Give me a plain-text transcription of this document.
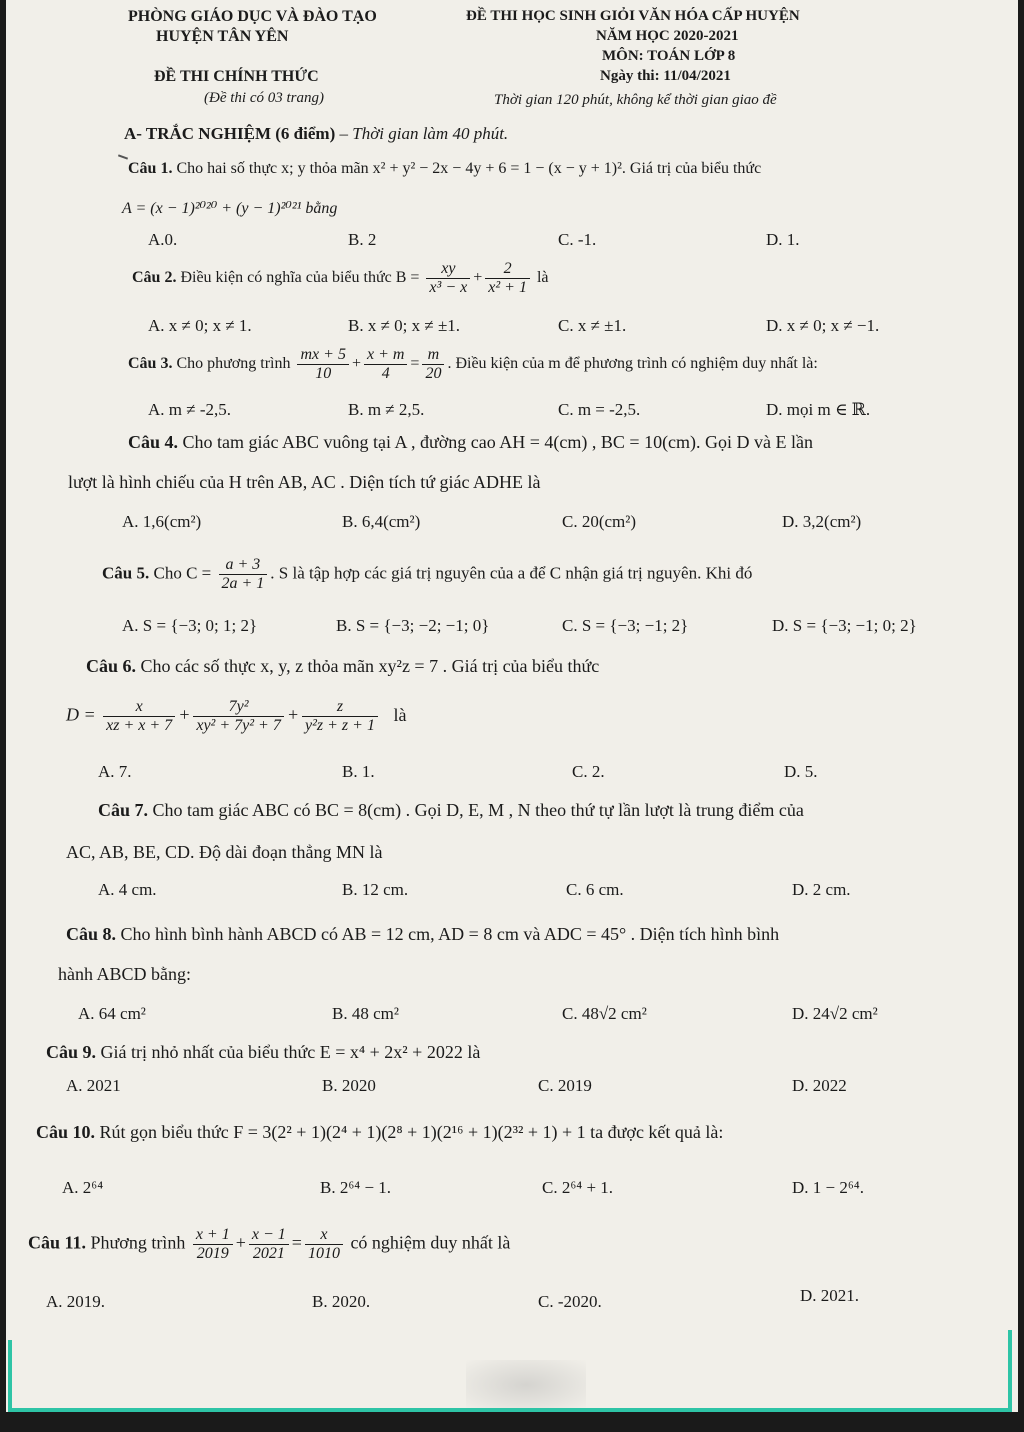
PHÒNG GIÁO DỤC VÀ ĐÀO TẠO
HUYỆN TÂN YÊN
ĐỀ THI CHÍNH THỨC
(Đề thi có 03 trang)
ĐỀ THI HỌC SINH GIỎI VĂN HÓA CẤP HUYỆN
NĂM HỌC 2020-2021
MÔN: TOÁN LỚP 8
Ngày thi: 11/04/2021
Thời gian 120 phút, không kể thời gian giao đề
A- TRẮC NGHIỆM (6 điểm) – Thời gian làm 40 phút.
Câu 1. Cho hai số thực x; y thỏa mãn x² + y² − 2x − 4y + 6 = 1 − (x − y + 1)². Giá trị của biểu thức
A = (x − 1)²⁰²⁰ + (y − 1)²⁰²¹ bằng
A.0.	B. 2	C. -1.	D. 1.
Câu 2. Điều kiện có nghĩa của biểu thức $B = \frac{xy}{\text{x³ − x}} + \frac{2}{\text{x² + 1}}$ là
A. x ≠ 0; x ≠ 1.	B. x ≠ 0; x ≠ ±1.	C. x ≠ ±1.	D. x ≠ 0; x ≠ −1.
Câu 3. Cho phương trình $\frac{mx + 5}{10} + \frac{x + m}{4} = \frac{m}{20}$ . Điều kiện của m để phương trình có nghiệm duy nhất là:
A. m ≠ -2,5.	B. m ≠ 2,5.	C. m = -2,5.	D. mọi m ∈ ℝ.
Câu 4. Cho tam giác ABC vuông tại A , đường cao AH = 4(cm) , BC = 10(cm). Gọi D và E lần
lượt là hình chiếu của H trên AB, AC . Diện tích tứ giác ADHE là
A. 1,6(cm²)	B. 6,4(cm²)	C. 20(cm²)	D. 3,2(cm²)
Câu 5. Cho $C = \frac{a + 3}{2a + 1}$ . S là tập hợp các giá trị nguyên của a để C nhận giá trị nguyên. Khi đó
A. S = {−3; 0; 1; 2}	B. S = {−3; −2; −1; 0}	C. S = {−3; −1; 2}	D. S = {−3; −1; 0; 2}
Câu 6. Cho các số thực x, y, z thỏa mãn xy²z = 7 . Giá trị của biểu thức
$D = \frac{x}{xz + x + 7} + \frac{\text{7y²}}{\text{xy² + 7y² + 7}} + \frac{z}{\text{y²z + z + 1}}$ là
A. 7.	B. 1.	C. 2.	D. 5.
Câu 7. Cho tam giác ABC có BC = 8(cm) . Gọi D, E, M , N theo thứ tự lần lượt là trung điểm của
AC, AB, BE, CD. Độ dài đoạn thẳng MN là
A. 4 cm.	B. 12 cm.	C. 6 cm.	D. 2 cm.
Câu 8. Cho hình bình hành ABCD có AB = 12 cm, AD = 8 cm và ADC = 45° . Diện tích hình bình
hành ABCD bằng:
A. 64 cm²	B. 48 cm²	C. 48√2 cm²	D. 24√2 cm²
Câu 9. Giá trị nhỏ nhất của biểu thức E = x⁴ + 2x² + 2022 là
A. 2021	B. 2020	C. 2019	D. 2022
Câu 10. Rút gọn biểu thức F = 3(2² + 1)(2⁴ + 1)(2⁸ + 1)(2¹⁶ + 1)(2³² + 1) + 1 ta được kết quả là:
A. 2⁶⁴	B. 2⁶⁴ − 1.	C. 2⁶⁴ + 1.	D. 1 − 2⁶⁴.
Câu 11. Phương trình $\frac{x + 1}{2019} + \frac{x - 1}{2021} = \frac{x}{1010}$ có nghiệm duy nhất là
A. 2019.	B. 2020.	C. -2020.	D. 2021.
